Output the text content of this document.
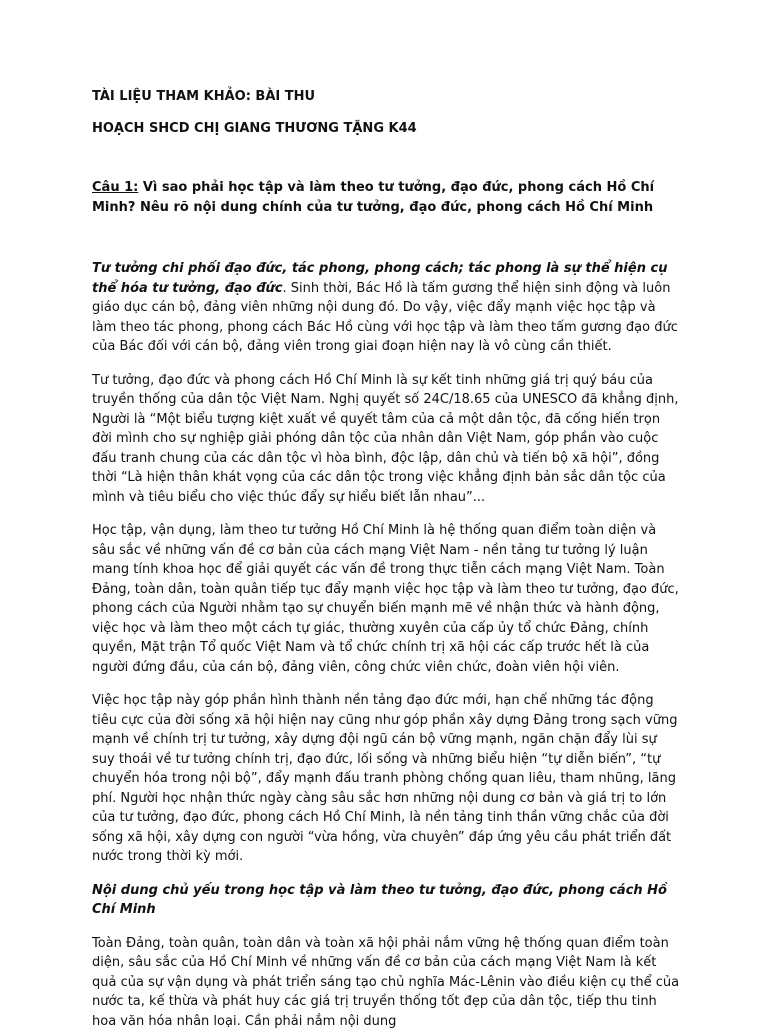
TÀI LIỆU THAM KHẢO: BÀI THU
HOẠCH SHCD CHỊ GIANG THƯƠNG TẶNG K44
Câu 1: Vì sao phải học tập và làm theo tư tưởng, đạo đức, phong cách Hồ Chí Minh? Nêu rõ nội dung chính của tư tưởng, đạo đức, phong cách Hồ Chí Minh

Tư tưởng chi phối đạo đức, tác phong, phong cách; tác phong là sự thể hiện cụ thể hóa tư tưởng, đạo đức. Sinh thời, Bác Hồ là tấm gương thể hiện sinh động và luôn giáo dục cán bộ, đảng viên những nội dung đó. Do vậy, việc đẩy mạnh việc học tập và làm theo tác phong, phong cách Bác Hồ cùng với học tập và làm theo tấm gương đạo đức của Bác đối với cán bộ, đảng viên trong giai đoạn hiện nay là vô cùng cần thiết.

Tư tưởng, đạo đức và phong cách Hồ Chí Minh là sự kết tinh những giá trị quý báu của truyền thống của dân tộc Việt Nam. Nghị quyết số 24C/18.65 của UNESCO đã khẳng định, Người là “Một biểu tượng kiệt xuất về quyết tâm của cả một dân tộc, đã cống hiến trọn đời mình cho sự nghiệp giải phóng dân tộc của nhân dân Việt Nam, góp phần vào cuộc đấu tranh chung của các dân tộc vì hòa bình, độc lập, dân chủ và tiến bộ xã hội”, đồng thời “Là hiện thân khát vọng của các dân tộc trong việc khẳng định bản sắc dân tộc của mình và tiêu biểu cho việc thúc đẩy sự hiểu biết lẫn nhau”...

Học tập, vận dụng, làm theo tư tưởng Hồ Chí Minh là hệ thống quan điểm toàn diện và sâu sắc về những vấn đề cơ bản của cách mạng Việt Nam - nền tảng tư tưởng lý luận mang tính khoa học để giải quyết các vấn đề trong thực tiễn cách mạng Việt Nam. Toàn Đảng, toàn dân, toàn quân tiếp tục đẩy mạnh việc học tập và làm theo tư tưởng, đạo đức, phong cách của Người nhằm tạo sự chuyển biến mạnh mẽ về nhận thức và hành động, việc học và làm theo một cách tự giác, thường xuyên của cấp ủy tổ chức Đảng, chính quyền, Mặt trận Tổ quốc Việt Nam và tổ chức chính trị xã hội các cấp trước hết là của người đứng đầu, của cán bộ, đảng viên, công chức viên chức, đoàn viên hội viên.

Việc học tập này góp phần hình thành nền tảng đạo đức mới, hạn chế những tác động tiêu cực của đời sống xã hội hiện nay cũng như góp phần xây dựng Đảng trong sạch vững mạnh về chính trị tư tưởng, xây dựng đội ngũ cán bộ vững mạnh, ngăn chặn đẩy lùi sự suy thoái về tư tưởng chính trị, đạo đức, lối sống và những biểu hiện “tự diễn biến”, “tự chuyển hóa trong nội bộ”, đẩy mạnh đấu tranh phòng chống quan liêu, tham nhũng, lãng phí. Người học nhận thức ngày càng sâu sắc hơn những nội dung cơ bản và giá trị to lớn của tư tưởng, đạo đức, phong cách Hồ Chí Minh, là nền tảng tinh thần vững chắc của đời sống xã hội, xây dựng con người “vừa hồng, vừa chuyên” đáp ứng yêu cầu phát triển đất nước trong thời kỳ mới.

Nội dung chủ yếu trong học tập và làm theo tư tưởng, đạo đức, phong cách Hồ Chí Minh

Toàn Đảng, toàn quân, toàn dân và toàn xã hội phải nắm vững hệ thống quan điểm toàn diện, sâu sắc của Hồ Chí Minh về những vấn đề cơ bản của cách mạng Việt Nam là kết quả của sự vận dụng và phát triển sáng tạo chủ nghĩa Mác-Lênin vào điều kiện cụ thể của nước ta, kế thừa và phát huy các giá trị truyền thống tốt đẹp của dân tộc, tiếp thu tinh hoa văn hóa nhân loại. Cần phải nắm nội dung
